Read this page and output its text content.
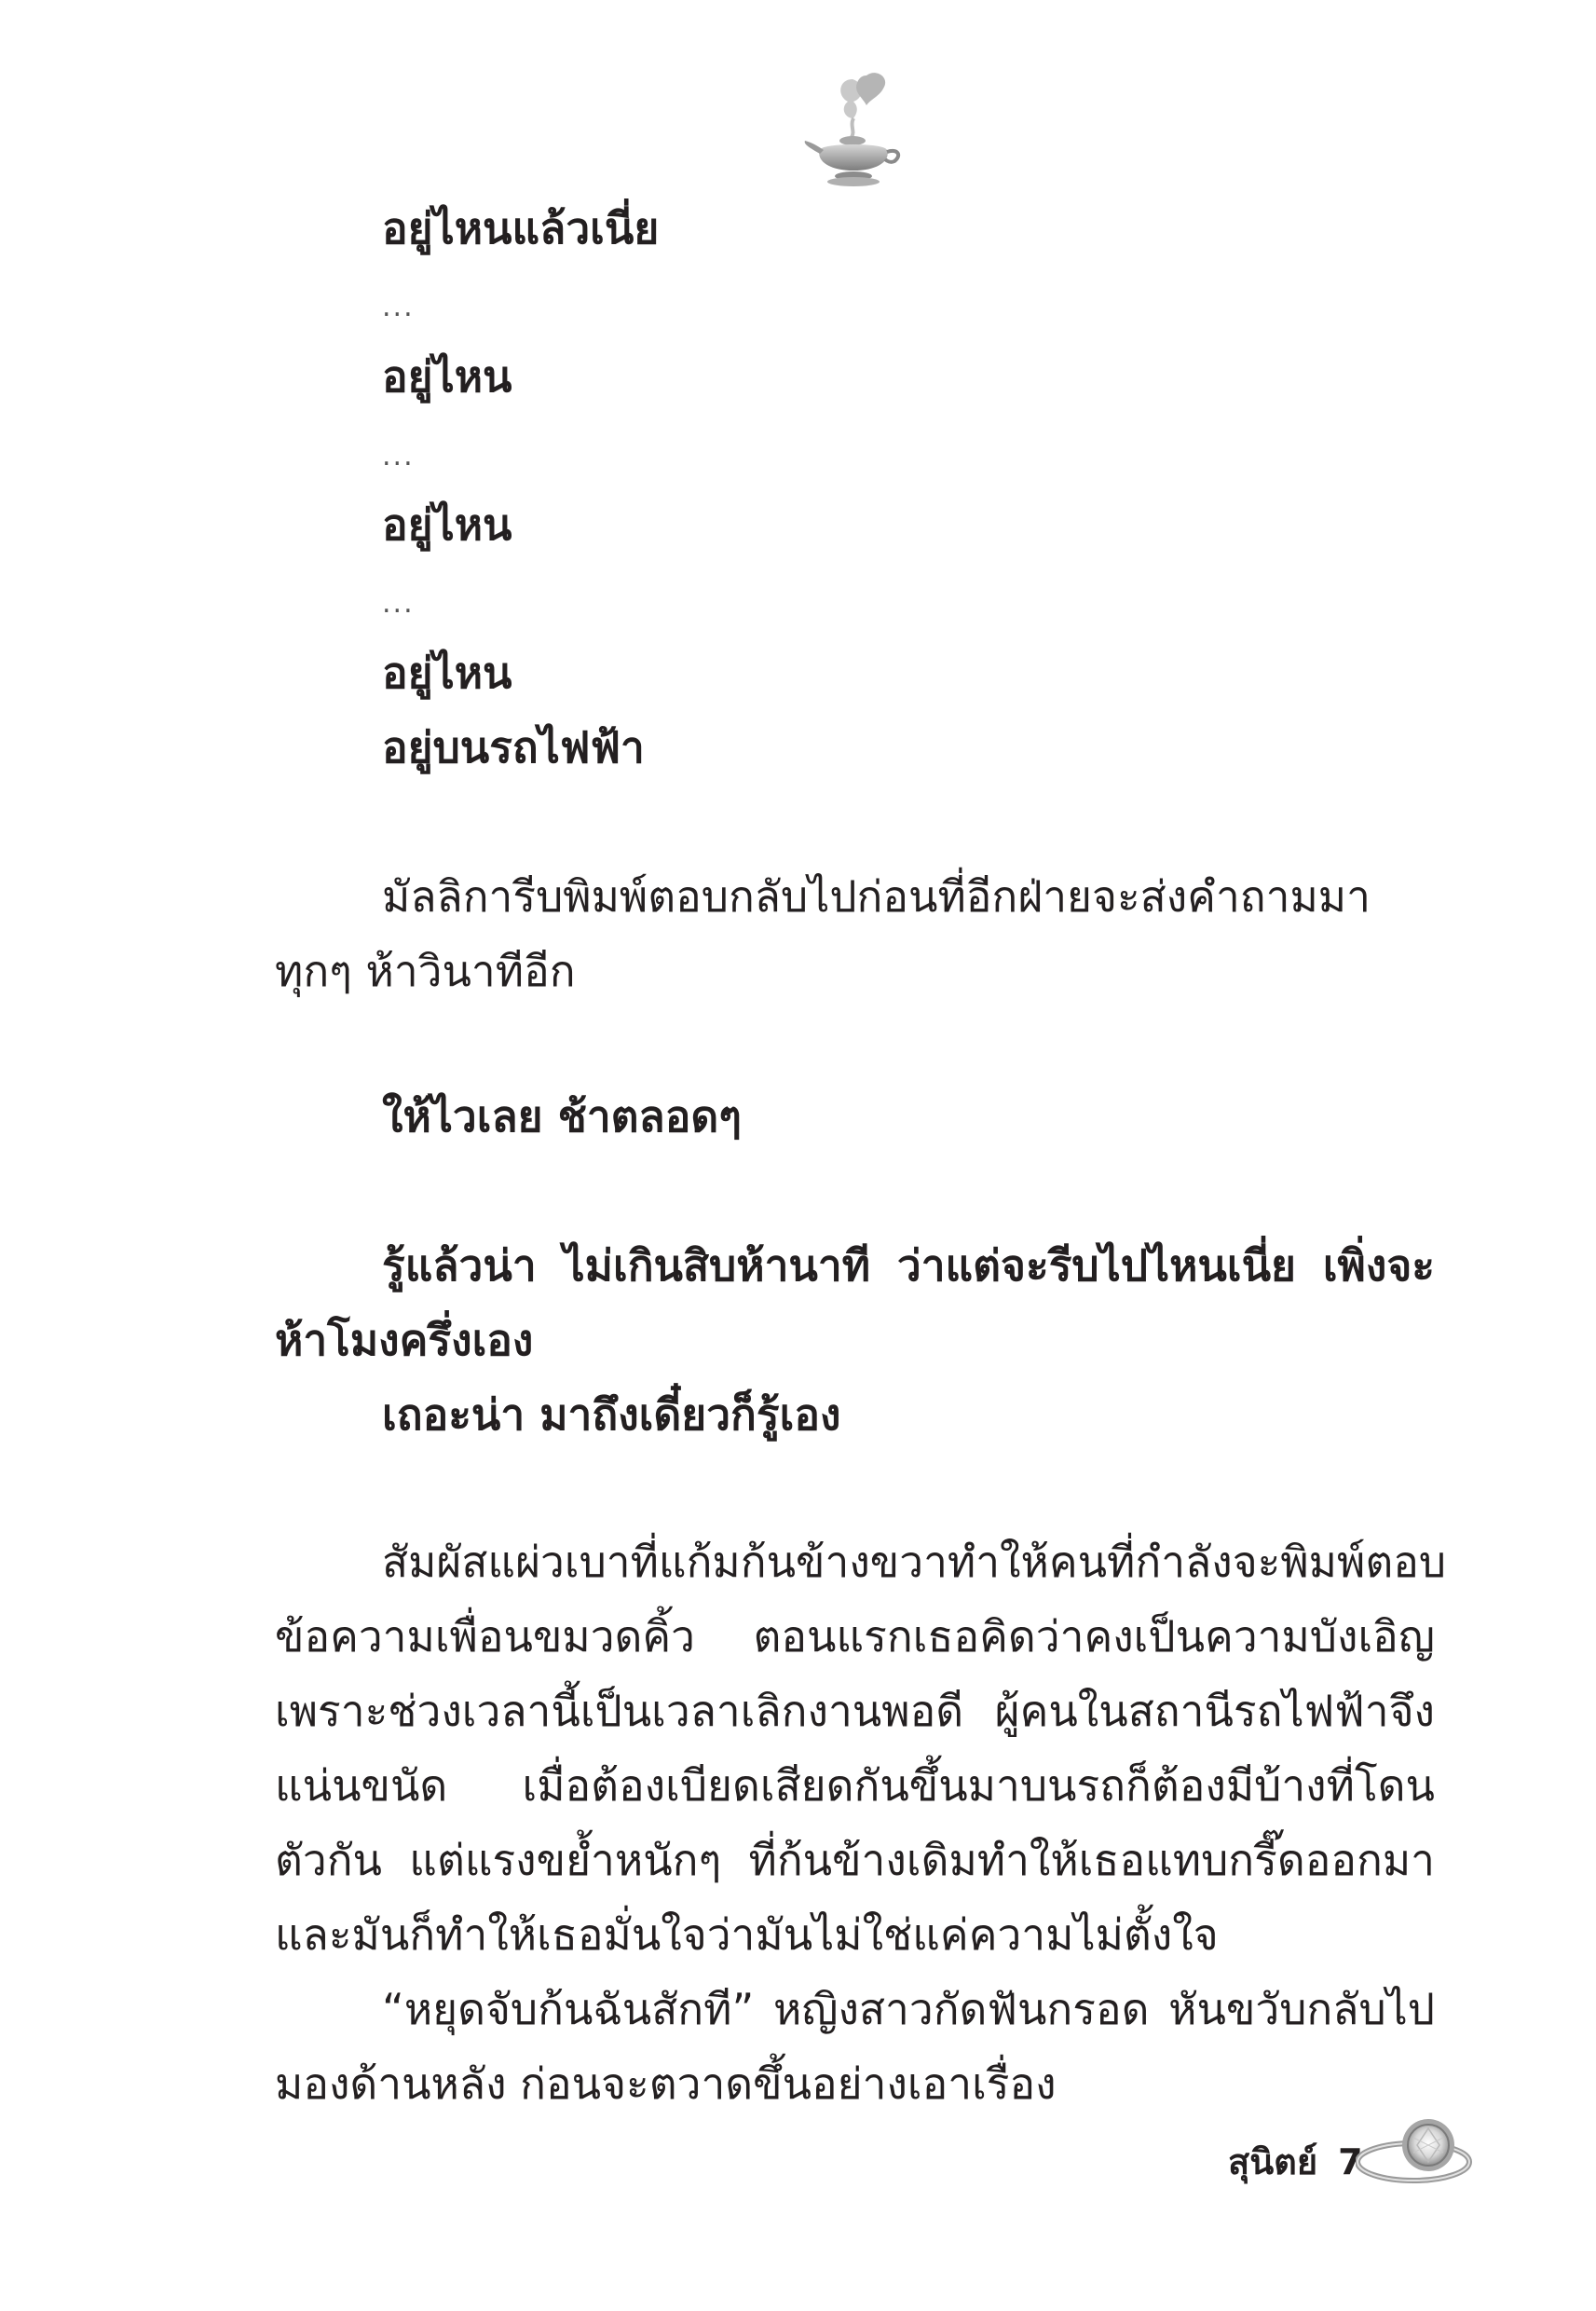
อยู่ไหนแล้วเนี่ย
...
อยู่ไหน
...
อยู่ไหน
...
อยู่ไหน
อยู่บนรถไฟฟ้า
มัลลิการีบพิมพ์ตอบกลับไปก่อนที่อีกฝ่ายจะส่งคำถามมา
ทุกๆ ห้าวินาทีอีก
ให้ไวเลย ช้าตลอดๆ
รู้แล้วน่า ไม่เกินสิบห้านาที ว่าแต่จะรีบไปไหนเนี่ย เพิ่งจะ
ห้าโมงครึ่งเอง
เถอะน่า มาถึงเดี๋ยวก็รู้เอง
สัมผัสแผ่วเบาที่แก้มก้นข้างขวาทำให้คนที่กำลังจะพิมพ์ตอบ
ข้อความเพื่อนขมวดคิ้ว ตอนแรกเธอคิดว่าคงเป็นความบังเอิญ
เพราะช่วงเวลานี้เป็นเวลาเลิกงานพอดี ผู้คนในสถานีรถไฟฟ้าจึง
แน่นขนัด เมื่อต้องเบียดเสียดกันขึ้นมาบนรถก็ต้องมีบ้างที่โดน
ตัวกัน แต่แรงขย้ำหนักๆ ที่ก้นข้างเดิมทำให้เธอแทบกรี๊ดออกมา
และมันก็ทำให้เธอมั่นใจว่ามันไม่ใช่แค่ความไม่ตั้งใจ
“หยุดจับก้นฉันสักที” หญิงสาวกัดฟันกรอด หันขวับกลับไป
มองด้านหลัง ก่อนจะตวาดขึ้นอย่างเอาเรื่อง
สุนิตย์ 7
